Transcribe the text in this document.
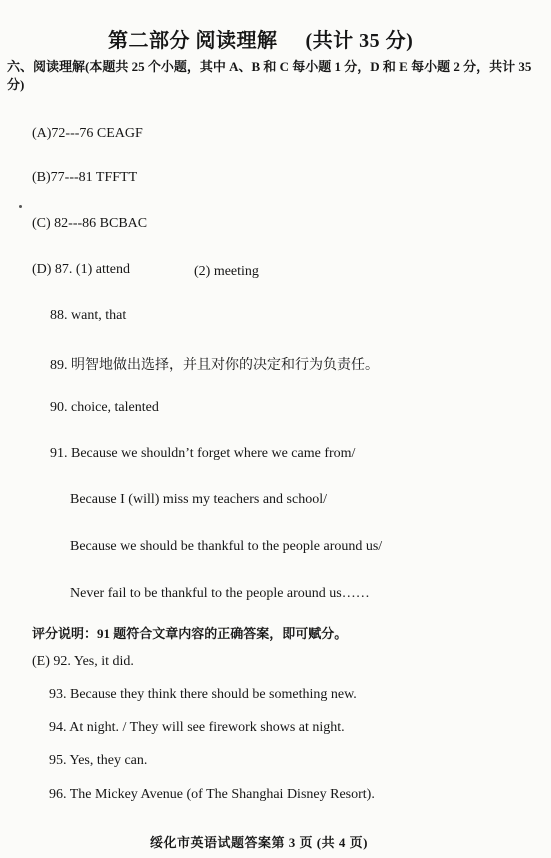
第二部分 阅读理解 (共计 35 分)
六、阅读理解(本题共 25 个小题，其中 A、B 和 C 每小题 1 分，D 和 E 每小题 2 分，共计 35 分)
(A)72---76 CEAGF
(B)77---81 TFFTT
(C) 82---86 BCBAC
(D) 87. (1) attend	(2) meeting
88. want, that
89. 明智地做出选择，并且对你的决定和行为负责任。
90. choice, talented
91. Because we shouldn’t forget where we came from/
Because I (will) miss my teachers and school/
Because we should be thankful to the people around us/
Never fail to be thankful to the people around us……
评分说明：91 题符合文章内容的正确答案，即可赋分。
(E) 92. Yes, it did.
93. Because they think there should be something new.
94. At night. / They will see firework shows at night.
95. Yes, they can.
96. The Mickey Avenue (of The Shanghai Disney Resort).
绥化市英语试题答案第 3 页 (共 4 页)
